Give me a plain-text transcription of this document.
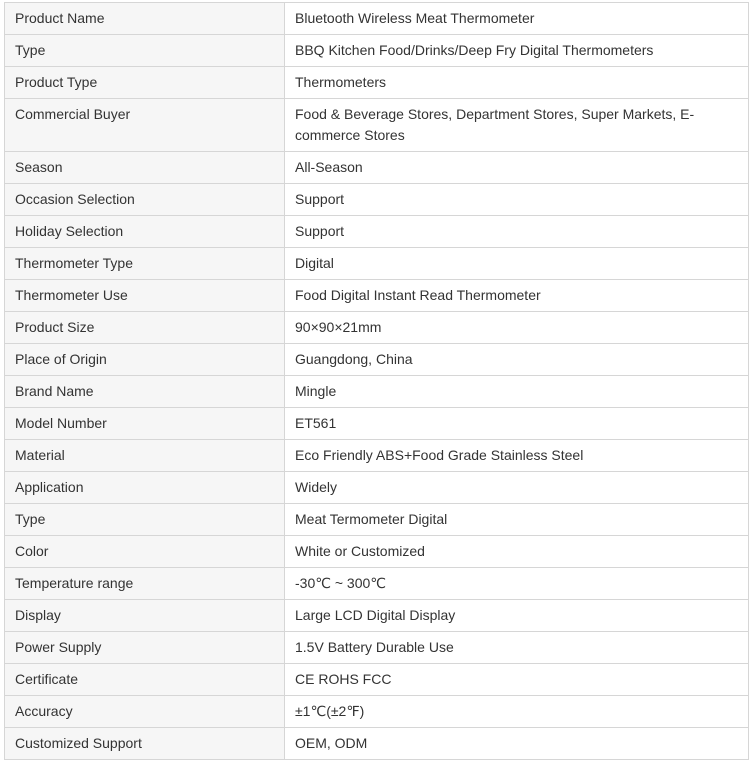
Product Name	Bluetooth Wireless Meat Thermometer
Type	BBQ Kitchen Food/Drinks/Deep Fry Digital Thermometers
Product Type	Thermometers
Commercial Buyer	Food & Beverage Stores, Department Stores, Super Markets, E-commerce Stores
Season	All-Season
Occasion Selection	Support
Holiday Selection	Support
Thermometer Type	Digital
Thermometer Use	Food Digital Instant Read Thermometer
Product Size	90×90×21mm
Place of Origin	Guangdong, China
Brand Name	Mingle
Model Number	ET561
Material	Eco Friendly ABS+Food Grade Stainless Steel
Application	Widely
Type	Meat Termometer Digital
Color	White or Customized
Temperature range	-30℃ ~ 300℃
Display	Large LCD Digital Display
Power Supply	1.5V Battery Durable Use
Certificate	CE ROHS FCC
Accuracy	±1℃(±2℉)
Customized Support	OEM, ODM
